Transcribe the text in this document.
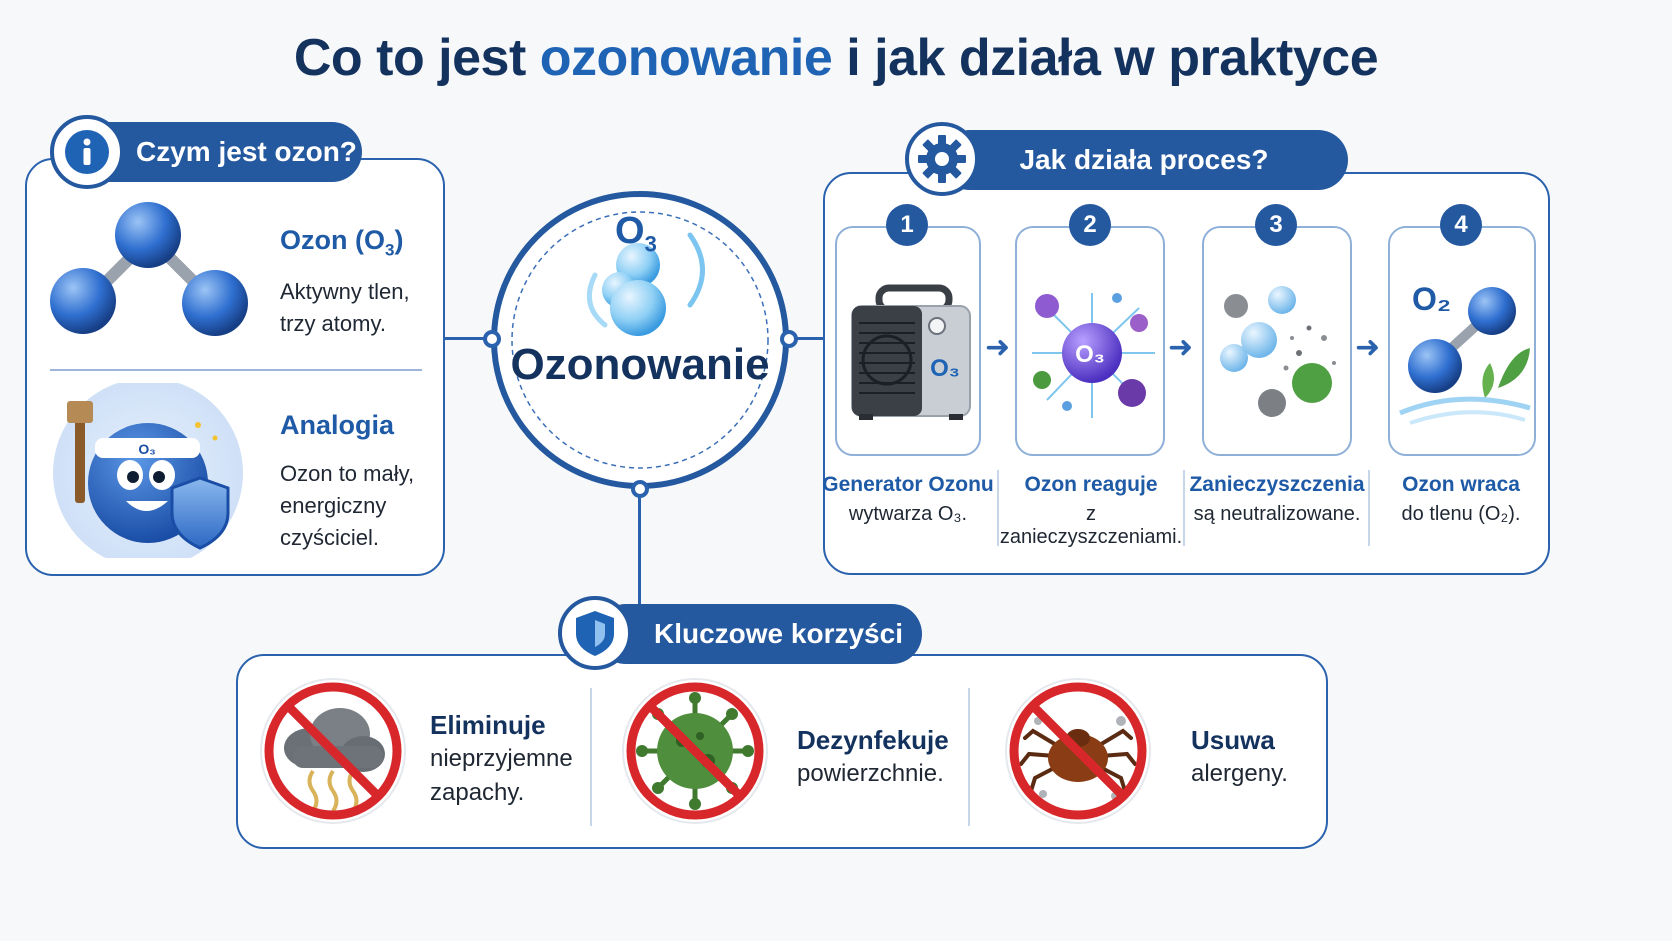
Co to jest ozonowanie i jak działa w praktyce
Czym jest ozon?
Ozon $(O_3)$
Aktywny tlen,
trzy atomy.
O₃
Analogia
Ozon to mały,
energiczny
czyściciel.
$O_3$
Ozonowanie
Jak działa proces?
O₃
1
O₃
2	3
O₂
4
➜	➜	➜
Generator Ozonu
wytwarza O₃.
Ozon reaguje
z zanieczyszczeniami.
Zanieczyszczenia
są neutralizowane.
Ozon wraca
do tlenu (O₂).
Kluczowe korzyści
Eliminuje
nieprzyjemne
zapachy.
Dezynfekuje
powierzchnie.
Usuwa
alergeny.
